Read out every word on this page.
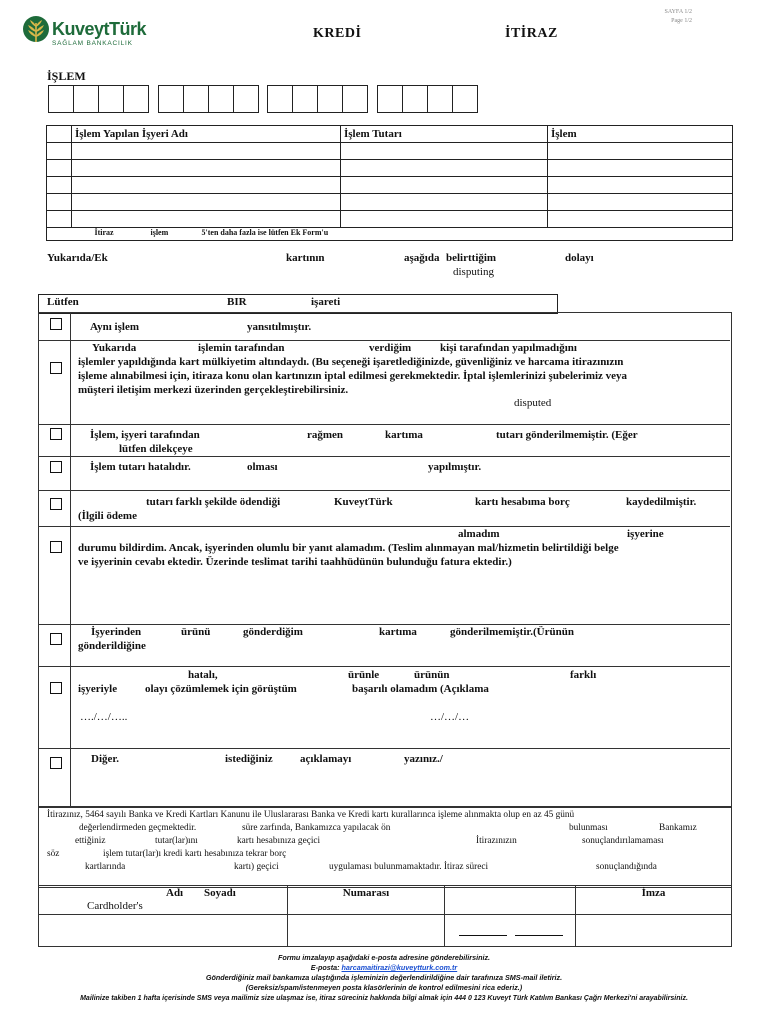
KuveytTürk
SAĞLAM BANKACILIK
SAYFA 1/2
Page 1/2
KREDİ	İTİRAZ
İŞLEM
	İşlem Yapılan İşyeri Adı	İşlem Tutarı	İşlem

İtiraz işlem 5'ten daha fazla ise lütfen Ek Form'u			
Yukarıda/Ek	kartının	aşağıda belirttiğim	dolayı
disputing
Lütfen	BIR	işareti
Aynı işlem	yansıtılmıştır.
Yukarıda	işlemin tarafından	verdiğim	kişi tarafından yapılmadığını
işlemler yapıldığında kart mülkiyetim altındaydı. (Bu seçeneği işaretlediğinizde, güvenliğiniz ve harcama itirazınızın
işleme alınabilmesi için, itiraza konu olan kartınızın iptal edilmesi gerekmektedir. İptal işlemlerinizi şubelerimiz veya
müşteri iletişim merkezi üzerinden gerçekleştirebilirsiniz.
disputed
İşlem, işyeri tarafından	rağmen	kartıma	tutarı gönderilmemiştir. (Eğer
lütfen dilekçeye
İşlem tutarı hatalıdır.	olması	yapılmıştır.
tutarı farklı şekilde ödendiği	KuveytTürk	kartı hesabıma borç	kaydedilmiştir.
(İlgili ödeme
almadım	işyerine
durumu bildirdim. Ancak, işyerinden olumlu bir yanıt alamadım. (Teslim alınmayan mal/hizmetin belirtildiği belge
ve işyerinin cevabı ektedir. Üzerinde teslimat tarihi taahhüdünün bulunduğu fatura ektedir.)
İşyerinden	ürünü	gönderdiğim	kartıma	gönderilmemiştir.(Ürünün
gönderildiğine
hatalı,	ürünle	ürünün	farklı
işyeriyle	olayı çözümlemek için görüştüm	başarılı olamadım (Açıklama
…./…/…..	…/…/…
Diğer.	istediğiniz açıklamayı	yazınız./
İtirazınız, 5464 sayılı Banka ve Kredi Kartları Kanunu ile Uluslararası Banka ve Kredi kartı kurallarınca işleme alınmakta olup en az 45 günü
değerlendirmeden geçmektedir.	süre zarfında, Bankamızca yapılacak ön	bulunması	Bankamız
ettiğiniz	tutar(lar)ını	kartı hesabınıza geçici	İtirazınızın	sonuçlandırılamaması
söz	işlem tutar(lar)ı kredi kartı hesabınıza tekrar borç
kartlarında	kartı) geçici	uygulaması bulunmamaktadır. İtiraz süreci	sonuçlandığında
Adı Soyadı
Cardholder's	Numarası		İmza

Formu imzalayıp aşağıdaki e-posta adresine gönderebilirsiniz.
E-posta: harcamaitirazi@kuveytturk.com.tr
Gönderdiğiniz mail bankamıza ulaştığında işleminizin değerlendirildiğine dair tarafınıza SMS-mail iletiriz.
(Gereksiz/spam/istenmeyen posta klasörlerinin de kontrol edilmesini rica ederiz.)
Mailinize takiben 1 hafta içerisinde SMS veya mailimiz size ulaşmaz ise, itiraz süreciniz hakkında bilgi almak için 444 0 123 Kuveyt Türk Katılım Bankası Çağrı Merkezi'ni arayabilirsiniz.
